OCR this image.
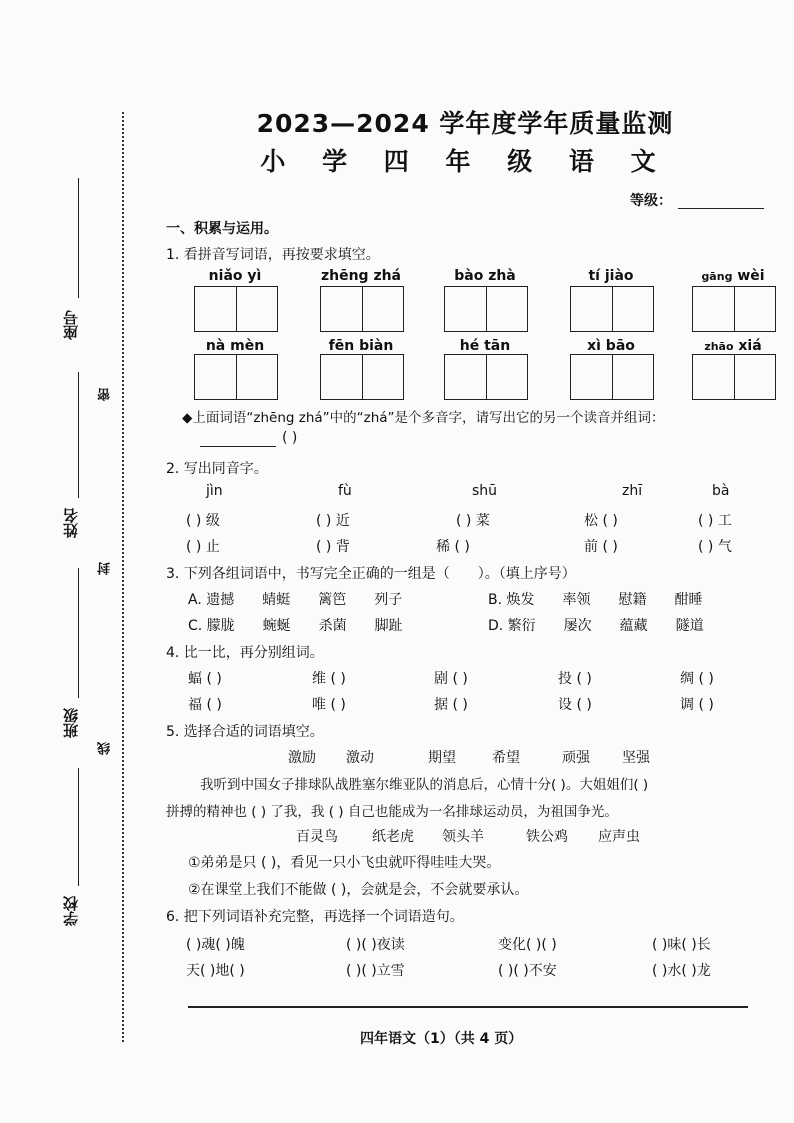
座号
姓名
班级
学校
密
封
线
2023—2024 学年度学年质量监测
小 学 四 年 级 语 文
等级：
一、积累与运用。
1. 看拼音写词语，再按要求填空。
niǎo yì	zhēng zhá	bào zhà	tí jiào	gāng wèi
nà mèn	fēn biàn	hé tān	xì bāo	zhāo xiá
◆上面词语“zhēng zhá”中的“zhá”是个多音字，请写出它的另一个读音并组词：
( )
2. 写出同音字。
jìn	fù	shū	zhī	bà
( ) 级	( ) 近	( ) 菜	松 ( )	( ) 工
( ) 止	( ) 背	稀 ( )	前 ( )	( ) 气
3. 下列各组词语中，书写完全正确的一组是（　　）。（填上序号）
A. 遗撼　　蜻蜓　　篱笆　　列子	B. 焕发　　率领　　慰籍　　酣睡
C. 朦胧　　蜿蜒　　杀菌　　脚趾	D. 繁衍　　屡次　　蕴藏　　隧道
4. 比一比，再分别组词。
蝠 ( )	维 ( )	剧 ( )	投 ( )	绸 ( )
福 ( )	唯 ( )	据 ( )	设 ( )	调 ( )
5. 选择合适的词语填空。
激励 激动	期望	希望	顽强 坚强
我听到中国女子排球队战胜塞尔维亚队的消息后，心情十分( )。大姐姐们( )
拼搏的精神也 ( ) 了我，我 ( ) 自己也能成为一名排球运动员，为祖国争光。
百灵鸟 纸老虎 领头羊	铁公鸡 应声虫
①弟弟是只 ( )，看见一只小飞虫就吓得哇哇大哭。
②在课堂上我们不能做 ( )，会就是会，不会就要承认。
6. 把下列词语补充完整，再选择一个词语造句。
( )魂( )魄	( )( )夜读	变化( )( )	( )味( )长
天( )地( )	( )( )立雪	( )( )不安	( )水( )龙
四年语文（1）（共 4 页）
